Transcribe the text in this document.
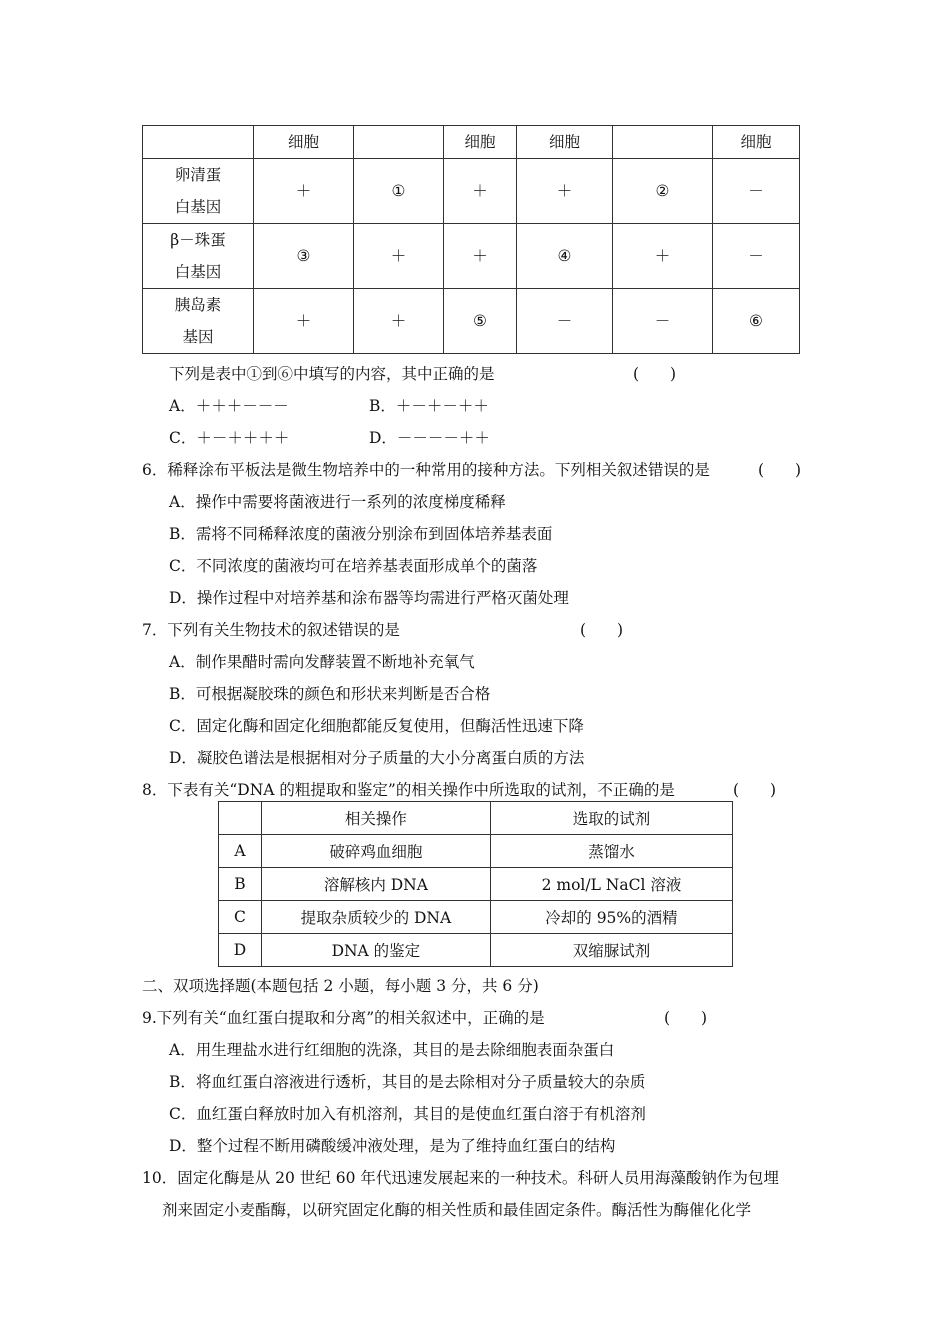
	细胞		细胞	细胞		细胞

卵清蛋
白基因	＋	①	＋	＋	②	－

β－珠蛋
白基因	③	＋	＋	④	＋	－

胰岛素
基因	＋	＋	⑤	－	－	⑥
下列是表中①到⑥中填写的内容，其中正确的是	(　　)
A．＋＋＋－－－	B．＋－＋－＋＋
C．＋－＋＋＋＋	D．－－－－＋＋
6．稀释涂布平板法是微生物培养中的一种常用的接种方法。下列相关叙述错误的是	(　　)
A．操作中需要将菌液进行一系列的浓度梯度稀释
B．需将不同稀释浓度的菌液分别涂布到固体培养基表面
C．不同浓度的菌液均可在培养基表面形成单个的菌落
D．操作过程中对培养基和涂布器等均需进行严格灭菌处理
7．下列有关生物技术的叙述错误的是	(　　)
A．制作果醋时需向发酵装置不断地补充氧气
B．可根据凝胶珠的颜色和形状来判断是否合格
C．固定化酶和固定化细胞都能反复使用，但酶活性迅速下降
D．凝胶色谱法是根据相对分子质量的大小分离蛋白质的方法
8．下表有关“DNA 的粗提取和鉴定”的相关操作中所选取的试剂，不正确的是	(　　)
	相关操作	选取的试剂
A	破碎鸡血细胞	蒸馏水
B	溶解核内 DNA	2 mol/L NaCl 溶液
C	提取杂质较少的 DNA	冷却的 95%的酒精
D	DNA 的鉴定	双缩脲试剂
二、双项选择题(本题包括 2 小题，每小题 3 分，共 6 分)
9.下列有关“血红蛋白提取和分离”的相关叙述中，正确的是	(　　)
A．用生理盐水进行红细胞的洗涤，其目的是去除细胞表面杂蛋白
B．将血红蛋白溶液进行透析，其目的是去除相对分子质量较大的杂质
C．血红蛋白释放时加入有机溶剂，其目的是使血红蛋白溶于有机溶剂
D．整个过程不断用磷酸缓冲液处理，是为了维持血红蛋白的结构
10．固定化酶是从 20 世纪 60 年代迅速发展起来的一种技术。科研人员用海藻酸钠作为包埋
剂来固定小麦酯酶，以研究固定化酶的相关性质和最佳固定条件。酶活性为酶催化化学
